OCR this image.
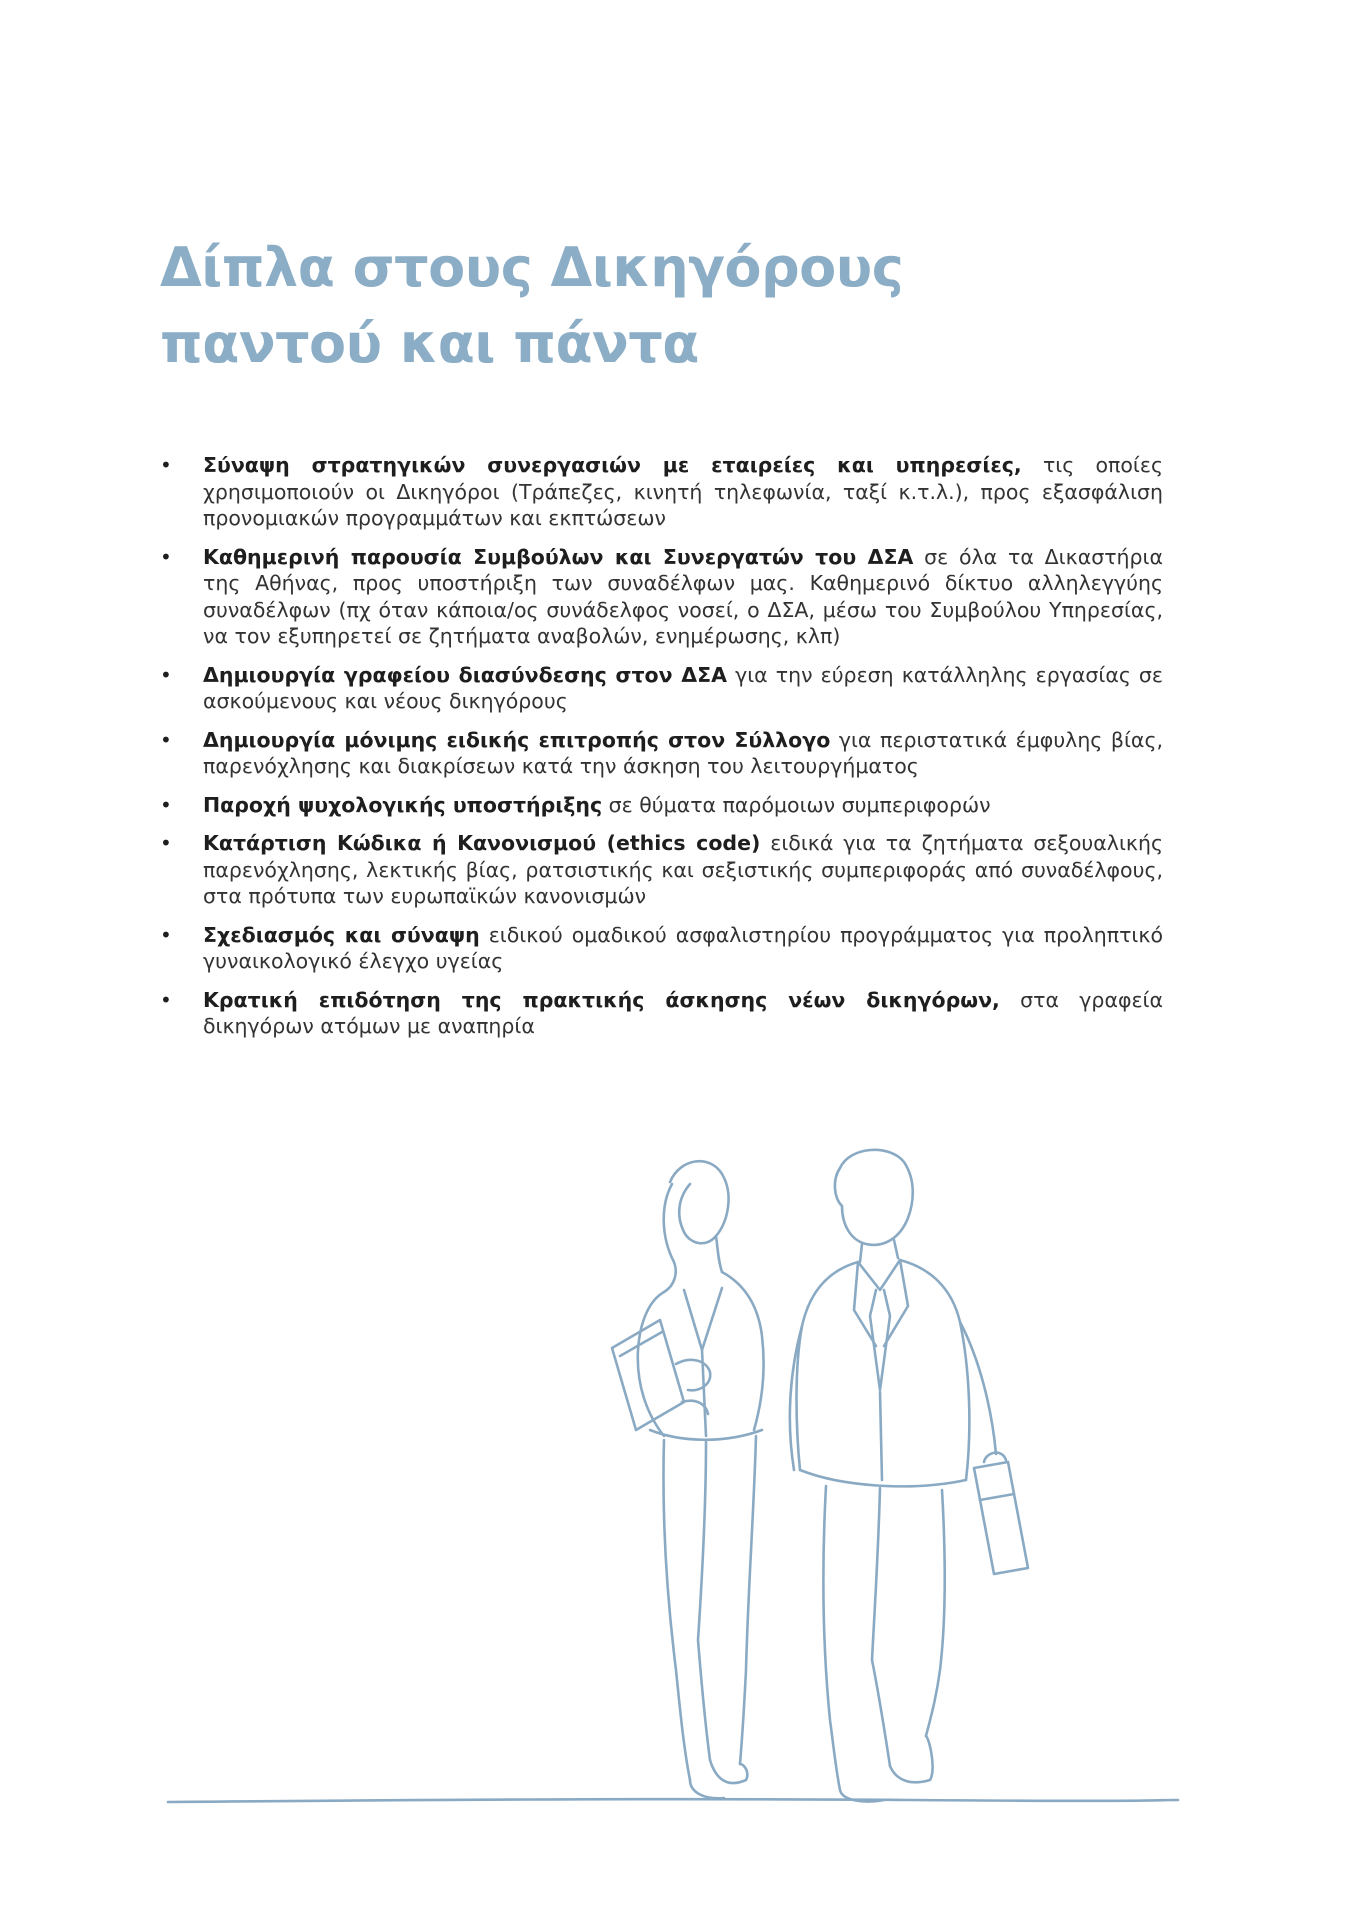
Δίπλα στους Δικηγόρους
παντού και πάντα
• Σύναψη στρατηγικών συνεργασιών με εταιρείες και υπηρεσίες, τις οποίες χρησιμοποιούν οι Δικηγόροι (Τράπεζες, κινητή τηλεφωνία, ταξί κ.τ.λ.), προς εξασφάλιση προνομιακών προγραμμάτων και εκπτώσεων
• Καθημερινή παρουσία Συμβούλων και Συνεργατών του ΔΣΑ σε όλα τα Δικαστήρια της Αθήνας, προς υποστήριξη των συναδέλφων μας. Καθημερινό δίκτυο αλληλεγγύης συναδέλφων (πχ όταν κάποια/ος συνάδελφος νοσεί, ο ΔΣΑ, μέσω του Συμβούλου Υπηρεσίας, να τον εξυπηρετεί σε ζητήματα αναβολών, ενημέρωσης, κλπ)
• Δημιουργία γραφείου διασύνδεσης στον ΔΣΑ για την εύρεση κατάλληλης εργασίας σε ασκούμενους και νέους δικηγόρους
• Δημιουργία μόνιμης ειδικής επιτροπής στον Σύλλογο για περιστατικά έμφυλης βίας, παρενόχλησης και διακρίσεων κατά την άσκηση του λειτουργήματος
• Παροχή ψυχολογικής υποστήριξης σε θύματα παρόμοιων συμπεριφορών
• Κατάρτιση Κώδικα ή Κανονισμού (ethics code) ειδικά για τα ζητήματα σεξουαλικής παρενόχλησης, λεκτικής βίας, ρατσιστικής και σεξιστικής συμπεριφοράς από συναδέλφους, στα πρότυπα των ευρωπαϊκών κανονισμών
• Σχεδιασμός και σύναψη ειδικού ομαδικού ασφαλιστηρίου προγράμματος για προληπτικό γυναικολογικό έλεγχο υγείας
• Κρατική επιδότηση της πρακτικής άσκησης νέων δικηγόρων, στα γραφεία δικηγόρων ατόμων με αναπηρία
